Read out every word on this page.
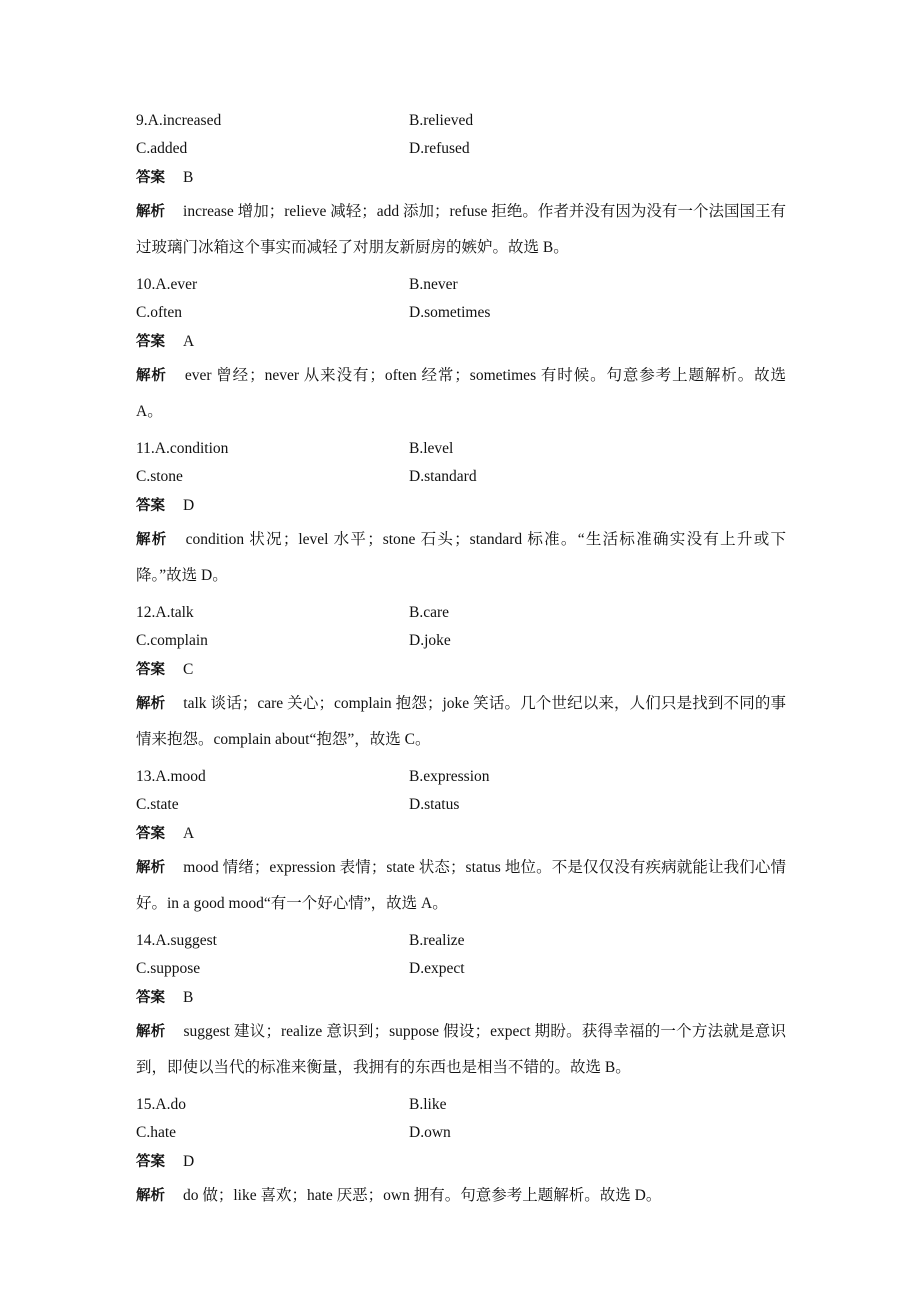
9.A.increased	B.relieved
C.added	D.refused
答案 B
解析 increase 增加；relieve 减轻；add 添加；refuse 拒绝。作者并没有因为没有一个法国国王有过玻璃门冰箱这个事实而减轻了对朋友新厨房的嫉妒。故选 B。
10.A.ever	B.never
C.often	D.sometimes
答案 A
解析 ever 曾经；never 从来没有；often 经常；sometimes 有时候。句意参考上题解析。故选 A。
11.A.condition	B.level
C.stone	D.standard
答案 D
解析 condition 状况；level 水平；stone 石头；standard 标准。“生活标准确实没有上升或下降。”故选 D。
12.A.talk	B.care
C.complain	D.joke
答案 C
解析 talk 谈话；care 关心；complain 抱怨；joke 笑话。几个世纪以来，人们只是找到不同的事情来抱怨。complain about“抱怨”，故选 C。
13.A.mood	B.expression
C.state	D.status
答案 A
解析 mood 情绪；expression 表情；state 状态；status 地位。不是仅仅没有疾病就能让我们心情好。in a good mood“有一个好心情”，故选 A。
14.A.suggest	B.realize
C.suppose	D.expect
答案 B
解析 suggest 建议；realize 意识到；suppose 假设；expect 期盼。获得幸福的一个方法就是意识到，即使以当代的标准来衡量，我拥有的东西也是相当不错的。故选 B。
15.A.do	B.like
C.hate	D.own
答案 D
解析 do 做；like 喜欢；hate 厌恶；own 拥有。句意参考上题解析。故选 D。
